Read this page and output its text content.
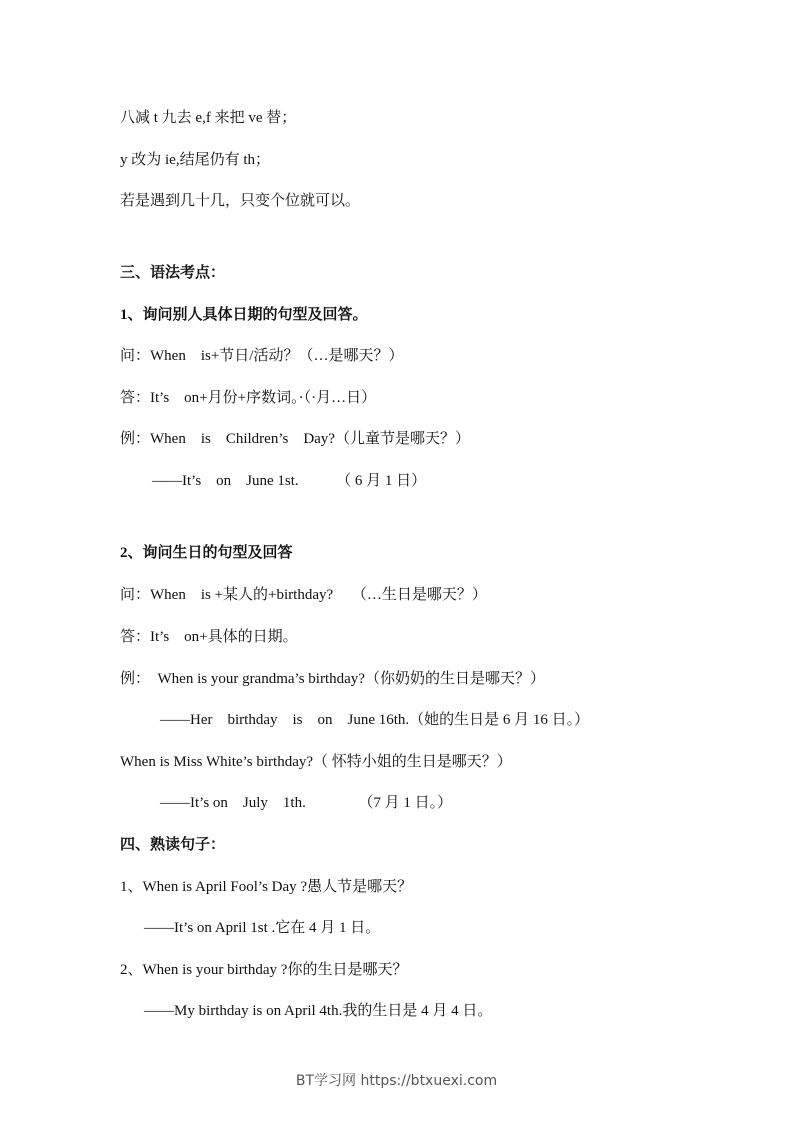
八减 t 九去 e,f 来把 ve 替；

y 改为 ie,结尾仍有 th；

若是遇到几十几，只变个位就可以。

三、语法考点：

1、询问别人具体日期的句型及回答。

问：When    is+节日/活动？（…是哪天？）

答：It’s    on+月份+序数词。·（·月…日）

例：When    is    Children’s    Day?（儿童节是哪天？）

——It’s    on    June 1st.          （ 6 月 1 日）

2、询问生日的句型及回答

问：When    is +某人的+birthday?     （…生日是哪天？）

答：It’s    on+具体的日期。

例：  When is your grandma’s birthday?（你奶奶的生日是哪天？）

——Her    birthday    is    on    June 16th.（她的生日是 6 月 16 日。）

When is Miss White’s birthday?（ 怀特小姐的生日是哪天？）

——It’s on    July    1th.              （7 月 1 日。）

四、熟读句子：

1、When is April Fool’s Day ?愚人节是哪天？

——It’s on April 1st .它在 4 月 1 日。

2、When is your birthday ?你的生日是哪天？

——My birthday is on April 4th.我的生日是 4 月 4 日。

BT学习网 https://btxuexi.com
